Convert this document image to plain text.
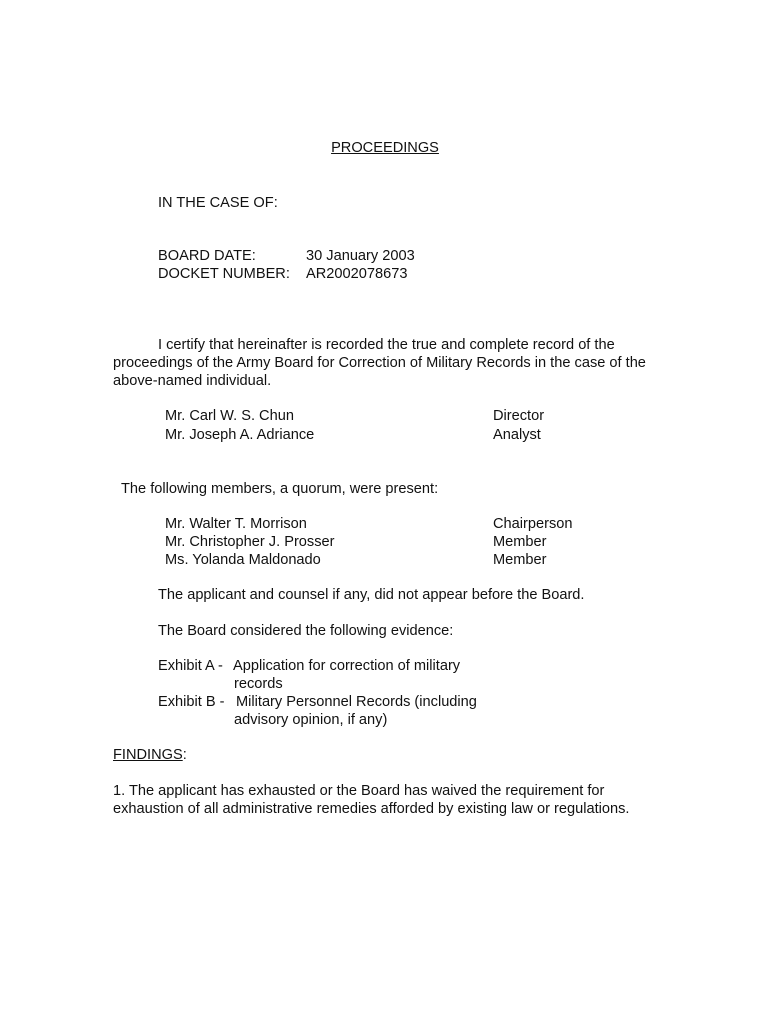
PROCEEDINGS
IN THE CASE OF:
BOARD DATE:	30 January 2003
DOCKET NUMBER: AR2002078673
I certify that hereinafter is recorded the true and complete record of the proceedings of the Army Board for Correction of Military Records in the case of the above-named individual.
Mr. Carl W. S. Chun	Director
Mr. Joseph A. Adriance	Analyst
The following members, a quorum, were present:
Mr. Walter T. Morrison	Chairperson
Mr. Christopher J. Prosser	Member
Ms. Yolanda Maldonado	Member
The applicant and counsel if any, did not appear before the Board.
The Board considered the following evidence:
Exhibit A - Application for correction of military
records
Exhibit B - Military Personnel Records (including
advisory opinion, if any)
FINDINGS:
1. The applicant has exhausted or the Board has waived the requirement for exhaustion of all administrative remedies afforded by existing law or regulations.
